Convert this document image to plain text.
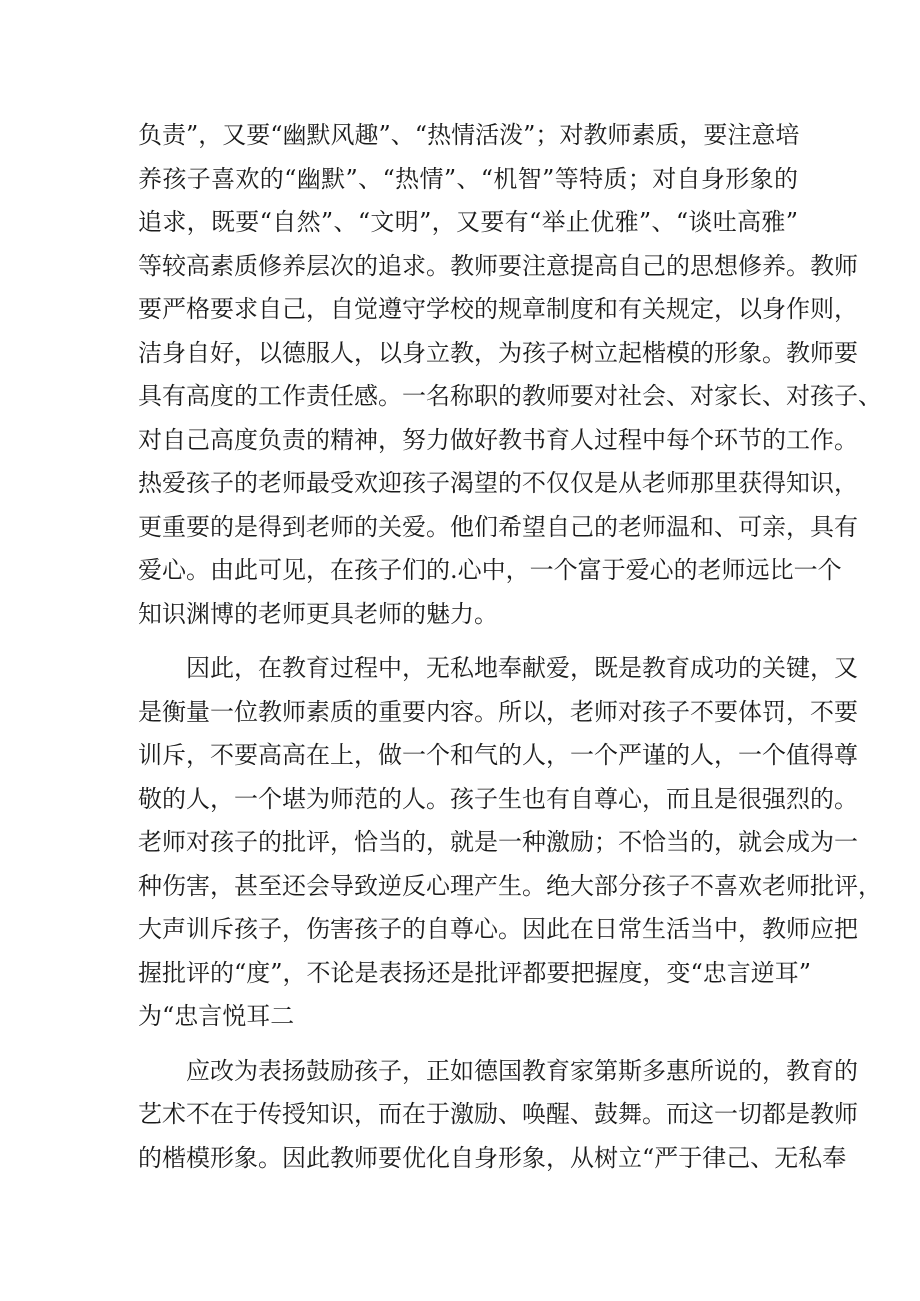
负责”，又要“幽默风趣”、“热情活泼”；对教师素质，要注意培
养孩子喜欢的“幽默”、“热情”、“机智”等特质；对自身形象的
追求，既要“自然”、“文明”，又要有“举止优雅”、“谈吐高雅”
等较高素质修养层次的追求。教师要注意提高自己的思想修养。教师
要严格要求自己，自觉遵守学校的规章制度和有关规定，以身作则，
洁身自好，以德服人，以身立教，为孩子树立起楷模的形象。教师要
具有高度的工作责任感。一名称职的教师要对社会、对家长、对孩子、
对自己高度负责的精神，努力做好教书育人过程中每个环节的工作。
热爱孩子的老师最受欢迎孩子渴望的不仅仅是从老师那里获得知识，
更重要的是得到老师的关爱。他们希望自己的老师温和、可亲，具有
爱心。由此可见，在孩子们的.心中，一个富于爱心的老师远比一个
知识渊博的老师更具老师的魅力。
因此，在教育过程中，无私地奉献爱，既是教育成功的关键，又
是衡量一位教师素质的重要内容。所以，老师对孩子不要体罚，不要
训斥，不要高高在上，做一个和气的人，一个严谨的人，一个值得尊
敬的人，一个堪为师范的人。孩子生也有自尊心，而且是很强烈的。
老师对孩子的批评，恰当的，就是一种激励；不恰当的，就会成为一
种伤害，甚至还会导致逆反心理产生。绝大部分孩子不喜欢老师批评，
大声训斥孩子，伤害孩子的自尊心。因此在日常生活当中，教师应把
握批评的“度”，不论是表扬还是批评都要把握度，变“忠言逆耳”
为“忠言悦耳二
应改为表扬鼓励孩子，正如德国教育家第斯多惠所说的，教育的
艺术不在于传授知识，而在于激励、唤醒、鼓舞。而这一切都是教师
的楷模形象。因此教师要优化自身形象，从树立“严于律己、无私奉
